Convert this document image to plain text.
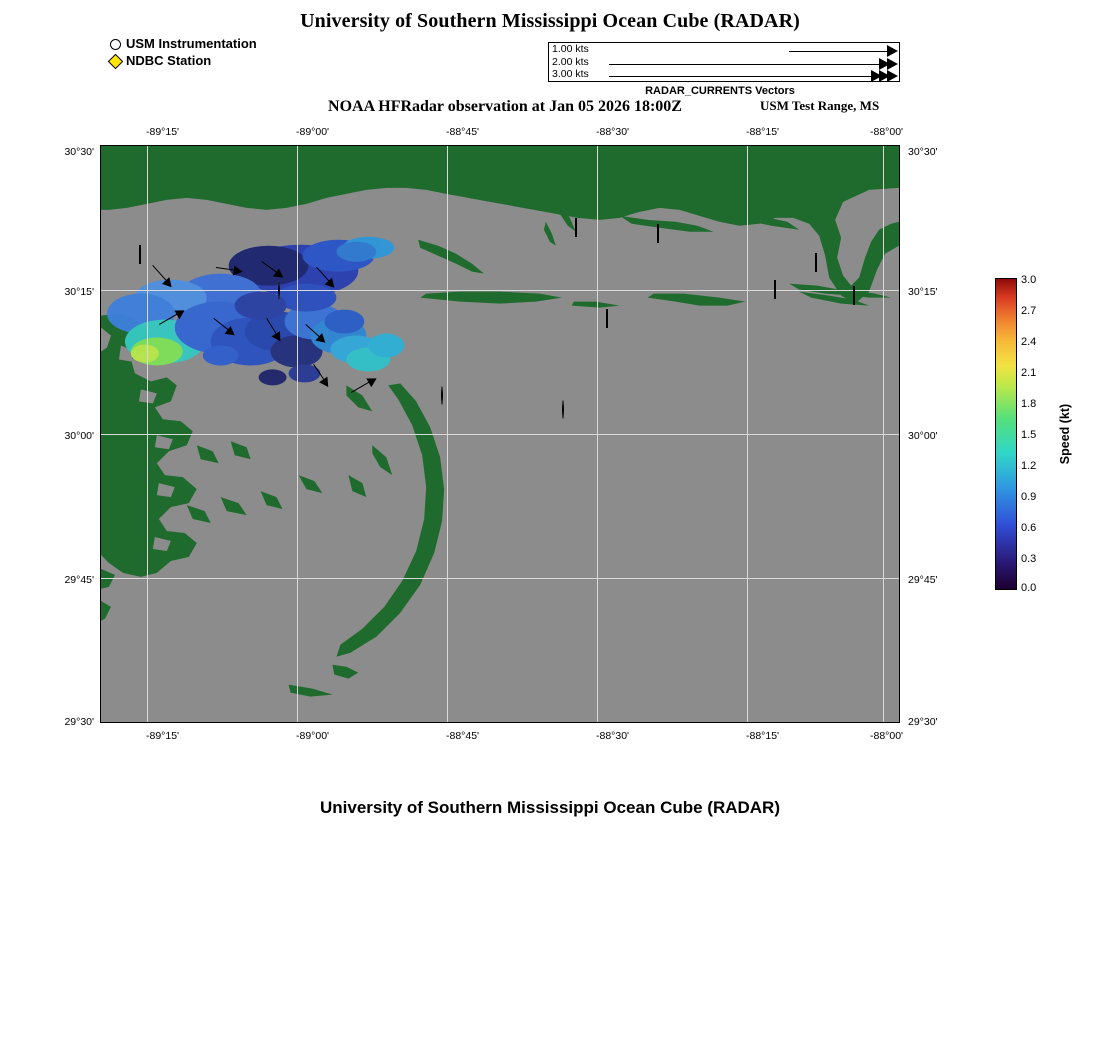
University of Southern Mississippi Ocean Cube (RADAR)
USM Instrumentation
NDBC Station
1.00 kts
2.00 kts
3.00 kts
RADAR_CURRENTS Vectors
NOAA HFRadar observation at Jan 05 2026 18:00Z	USM Test Range, MS
-89°15'	-89°00'	-88°45'	-88°30'	-88°15'	-88°00'
-89°15'	-89°00'	-88°45'	-88°30'	-88°15'	-88°00'
30°30'
30°15'
30°00'
29°45'
29°30'
30°30'
30°15'
30°00'
29°45'
29°30'
3.0
2.7
2.4
2.1
1.8
1.5
1.2
0.9
0.6
0.3
0.0
Speed (kt)
University of Southern Mississippi Ocean Cube (RADAR)
